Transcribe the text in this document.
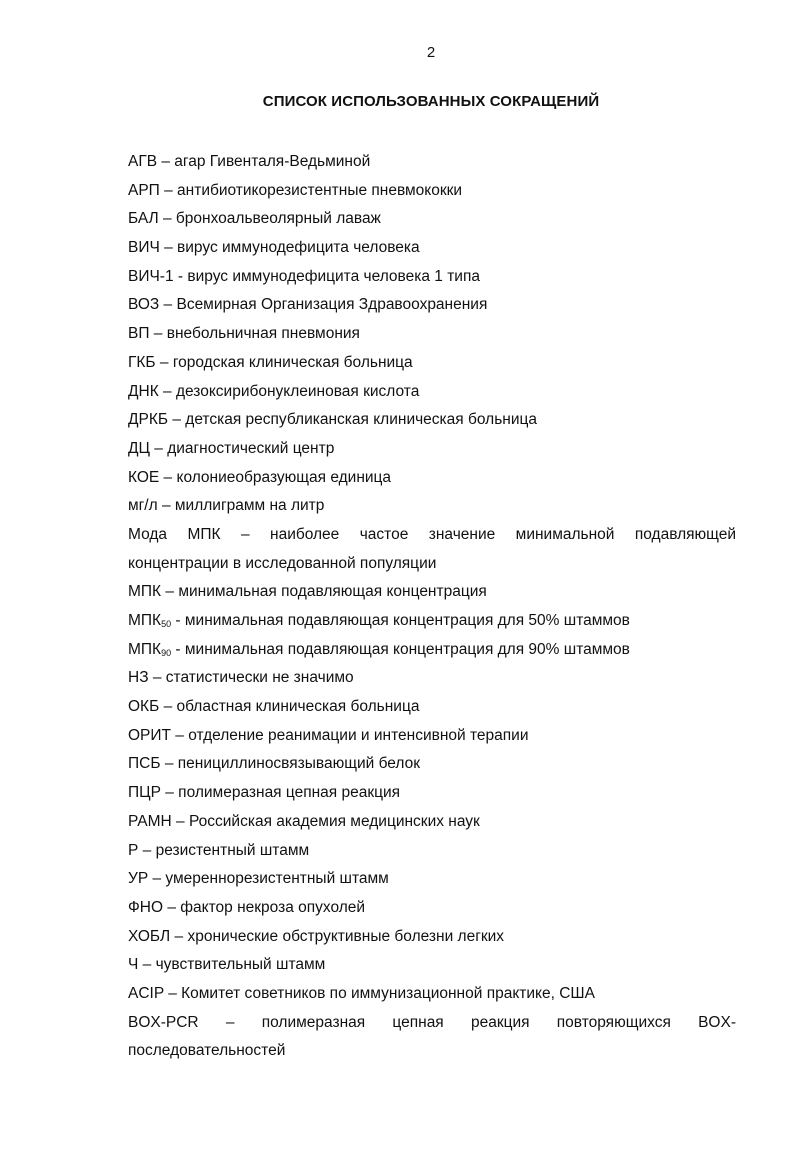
2
СПИСОК ИСПОЛЬЗОВАННЫХ СОКРАЩЕНИЙ
АГВ – агар Гивенталя-Ведьминой
АРП – антибиотикорезистентные пневмококки
БАЛ – бронхоальвеолярный лаваж
ВИЧ – вирус иммунодефицита человека
ВИЧ-1 - вирус иммунодефицита человека 1 типа
ВОЗ – Всемирная Организация Здравоохранения
ВП – внебольничная пневмония
ГКБ – городская клиническая больница
ДНК – дезоксирибонуклеиновая кислота
ДРКБ – детская республиканская клиническая больница
ДЦ – диагностический центр
КОЕ – колониеобразующая единица
мг/л – миллиграмм на литр
Мода МПК – наиболее частое значение минимальной подавляющей
концентрации в исследованной популяции
МПК – минимальная подавляющая концентрация
$МПК_{50}$ - минимальная подавляющая концентрация для 50% штаммов
$МПК_{90}$ - минимальная подавляющая концентрация для 90% штаммов
НЗ – статистически не значимо
ОКБ – областная клиническая больница
ОРИТ – отделение реанимации и интенсивной терапии
ПСБ – пенициллиносвязывающий белок
ПЦР – полимеразная цепная реакция
РАМН – Российская академия медицинских наук
Р – резистентный штамм
УР – умереннорезистентный штамм
ФНО – фактор некроза опухолей
ХОБЛ – хронические обструктивные болезни легких
Ч – чувствительный штамм
ACIP – Комитет советников по иммунизационной практике, США
BOX-PCR – полимеразная цепная реакция повторяющихся BOX-
последовательностей
